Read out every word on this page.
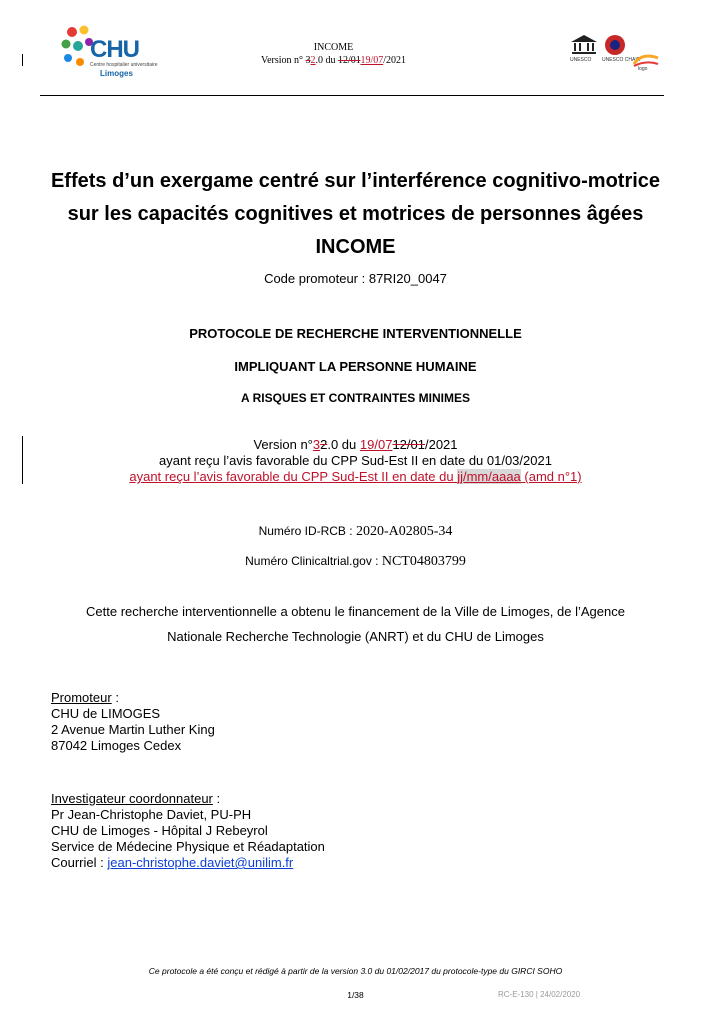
CHU
Centre hospitalier universitaire
Limoges
INCOME
Version n° 32.0 du 12/0119/07/2021	UNESCO UNESCO CHAIR
logo
Effets d’un exergame centré sur l’interférence cognitivo-motrice
sur les capacités cognitives et motrices de personnes âgées
INCOME
Code promoteur : 87RI20_0047
PROTOCOLE DE RECHERCHE INTERVENTIONNELLE
IMPLIQUANT LA PERSONNE HUMAINE
A RISQUES ET CONTRAINTES MINIMES
Version n°32.0 du 19/0712/01/2021
ayant reçu l’avis favorable du CPP Sud-Est II en date du 01/03/2021
ayant reçu l’avis favorable du CPP Sud-Est II en date du jj/mm/aaaa (amd n°1)
Numéro ID-RCB : 2020-A02805-34
Numéro Clinicaltrial.gov : NCT04803799
Cette recherche interventionnelle a obtenu le financement de la Ville de Limoges, de l’Agence
Nationale Recherche Technologie (ANRT) et du CHU de Limoges
Promoteur :
CHU de LIMOGES
2 Avenue Martin Luther King
87042 Limoges Cedex
Investigateur coordonnateur :
Pr Jean-Christophe Daviet, PU-PH
CHU de Limoges - Hôpital J Rebeyrol
Service de Médecine Physique et Réadaptation
Courriel : jean-christophe.daviet@unilim.fr
Ce protocole a été conçu et rédigé à partir de la version 3.0 du 01/02/2017 du protocole-type du GIRCI SOHO
1/38	RC-E-130 | 24/02/2020
